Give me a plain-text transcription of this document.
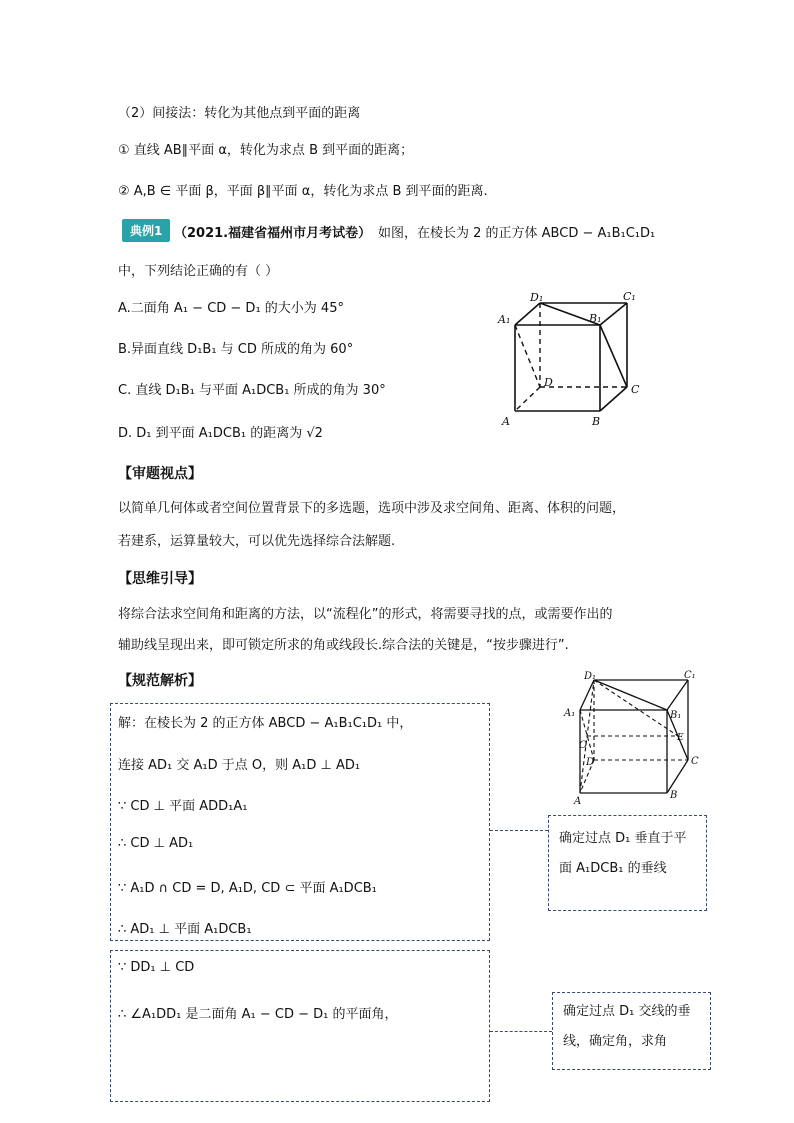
（2）间接法：转化为其他点到平面的距离
① 直线 AB∥平面 α，转化为求点 B 到平面的距离；
② A,B ∈ 平面 β，平面 β∥平面 α，转化为求点 B 到平面的距离.
典例1 （2021.福建省福州市月考试卷） 如图，在棱长为 2 的正方体 ABCD − A₁B₁C₁D₁
中，下列结论正确的有（ ）
A.二面角 A₁ − CD − D₁ 的大小为 45°
B.异面直线 D₁B₁ 与 CD 所成的角为 60°
C. 直线 D₁B₁ 与平面 A₁DCB₁ 所成的角为 30°
D. D₁ 到平面 A₁DCB₁ 的距离为 √2
D₁	C₁
A₁	B₁
D
C
A	B
【审题视点】
以简单几何体或者空间位置背景下的多选题，选项中涉及求空间角、距离、体积的问题，
若建系，运算量较大，可以优先选择综合法解题.
【思维引导】
将综合法求空间角和距离的方法，以“流程化”的形式，将需要寻找的点，或需要作出的
辅助线呈现出来，即可锁定所求的角或线段长.综合法的关键是，“按步骤进行”.
【规范解析】	D₁	C₁
A₁	B₁
O
E
D	C
A
B
解：在棱长为 2 的正方体 ABCD − A₁B₁C₁D₁ 中，
连接 AD₁ 交 A₁D 于点 O，则 A₁D ⊥ AD₁
∵ CD ⊥ 平面 ADD₁A₁
∴ CD ⊥ AD₁
∵ A₁D ∩ CD = D, A₁D, CD ⊂ 平面 A₁DCB₁
∴ AD₁ ⊥ 平面 A₁DCB₁
∵ DD₁ ⊥ CD
∴ ∠A₁DD₁ 是二面角 A₁ − CD − D₁ 的平面角，
确定过点 D₁ 垂直于平
面 A₁DCB₁ 的垂线
确定过点 D₁ 交线的垂
线，确定角，求角
